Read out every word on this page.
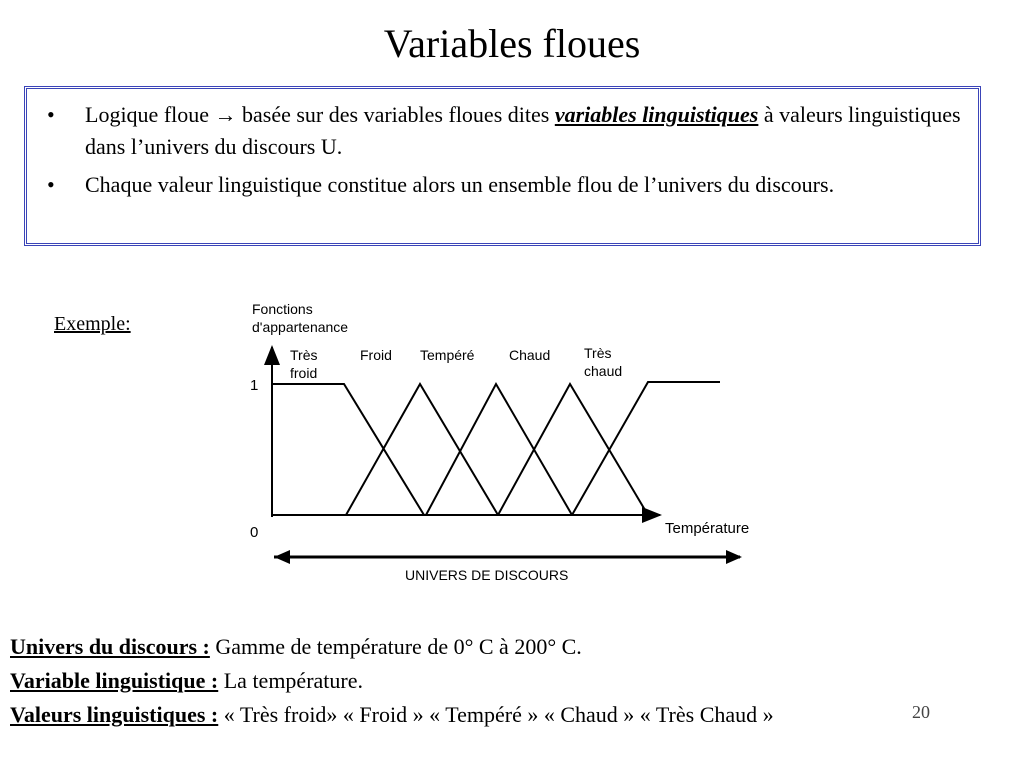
Variables floues
• Logique floue → basée sur des variables floues dites variables linguistiques à valeurs linguistiques dans l’univers du discours U.
• Chaque valeur linguistique constitue alors un ensemble flou de l’univers du discours.
Exemple:
Fonctions
d'appartenance
1
0	Température
UNIVERS DE DISCOURS
Très
froid
Froid Tempéré Chaud Très
chaud
Univers du discours : Gamme de température de 0° C à 200° C.
Variable linguistique : La température.
Valeurs linguistiques : « Très froid» « Froid » « Tempéré » « Chaud » « Très Chaud »	20
